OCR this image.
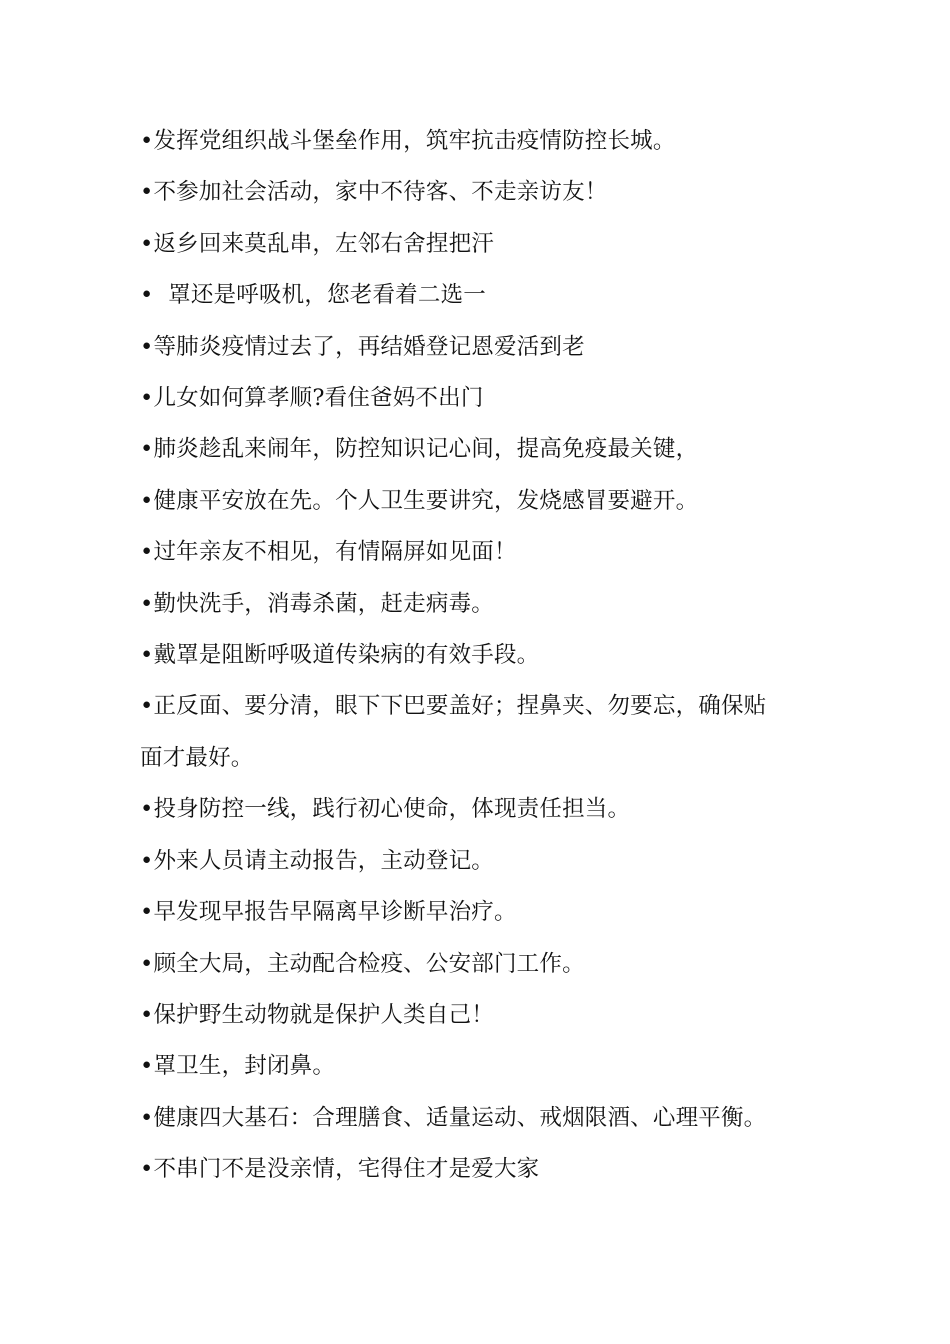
•发挥党组织战斗堡垒作用，筑牢抗击疫情防控长城。

•不参加社会活动，家中不待客、不走亲访友！

•返乡回来莫乱串，左邻右舍捏把汗

•  罩还是呼吸机，您老看着二选一

•等肺炎疫情过去了，再结婚登记恩爱活到老

•儿女如何算孝顺?看住爸妈不出门

•肺炎趁乱来闹年，防控知识记心间，提高免疫最关键，

•健康平安放在先。个人卫生要讲究，发烧感冒要避开。

•过年亲友不相见，有情隔屏如见面！

•勤快洗手，消毒杀菌，赶走病毒。

•戴罩是阻断呼吸道传染病的有效手段。

•正反面、要分清，眼下下巴要盖好；捏鼻夹、勿要忘，确保贴

面才最好。

•投身防控一线，践行初心使命，体现责任担当。

•外来人员请主动报告，主动登记。

•早发现早报告早隔离早诊断早治疗。

•顾全大局，主动配合检疫、公安部门工作。

•保护野生动物就是保护人类自己！

•罩卫生，封闭鼻。

•健康四大基石：合理膳食、适量运动、戒烟限酒、心理平衡。

•不串门不是没亲情，宅得住才是爱大家
